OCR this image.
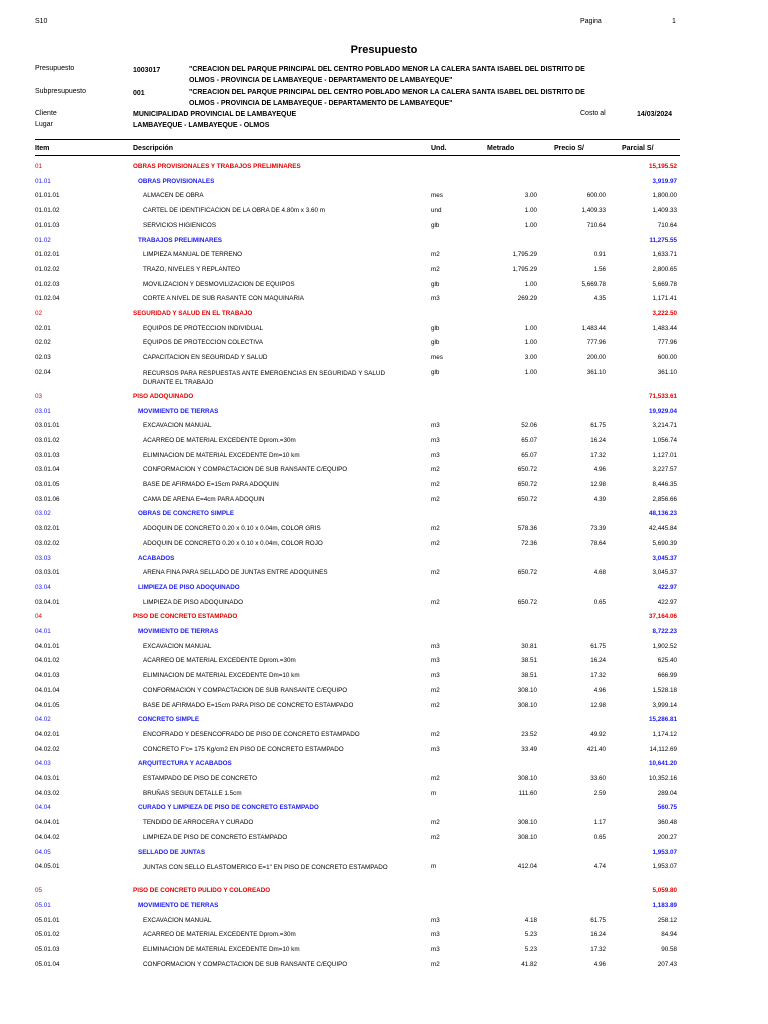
S10	Pagina	1
Presupuesto
Presupuesto	1003017	"CREACION DEL PARQUE PRINCIPAL DEL CENTRO POBLADO MENOR LA CALERA SANTA ISABEL DEL DISTRITO DE
OLMOS - PROVINCIA DE LAMBAYEQUE - DEPARTAMENTO DE LAMBAYEQUE"
Subpresupuesto	001	"CREACION DEL PARQUE PRINCIPAL DEL CENTRO POBLADO MENOR LA CALERA SANTA ISABEL DEL DISTRITO DE
OLMOS - PROVINCIA DE LAMBAYEQUE - DEPARTAMENTO DE LAMBAYEQUE"
Cliente	MUNICIPALIDAD PROVINCIAL DE LAMBAYEQUE	Costo al	14/03/2024
Lugar	LAMBAYEQUE - LAMBAYEQUE - OLMOS
Item	Descripción	Und.	Metrado	Precio S/	Parcial S/
01	OBRAS PROVISIONALES Y TRABAJOS PRELIMINARES	15,195.52
01.01	OBRAS PROVISIONALES	3,919.97
01.01.01	ALMACEN DE OBRA	mes	3.00	600.00	1,800.00
01.01.02	CARTEL DE IDENTIFICACION DE LA OBRA DE 4.80m x 3.60 m	und	1.00	1,409.33	1,409.33
01.01.03	SERVICIOS HIGIENICOS	glb	1.00	710.64	710.64
01.02	TRABAJOS PRELIMINARES	11,275.55
01.02.01	LIMPIEZA MANUAL DE TERRENO	m2	1,795.29	0.91	1,633.71
01.02.02	TRAZO, NIVELES Y REPLANTEO	m2	1,795.29	1.56	2,800.65
01.02.03	MOVILIZACION Y DESMOVILIZACION DE EQUIPOS	glb	1.00	5,669.78	5,669.78
01.02.04	CORTE A NIVEL DE SUB RASANTE CON MAQUINARIA	m3	269.29	4.35	1,171.41
02	SEGURIDAD Y SALUD EN EL TRABAJO	3,222.50
02.01	EQUIPOS DE PROTECCION INDIVIDUAL	glb	1.00	1,483.44	1,483.44
02.02	EQUIPOS DE PROTECCION COLECTIVA	glb	1.00	777.96	777.96
02.03	CAPACITACION EN SEGURIDAD Y SALUD	mes	3.00	200.00	600.00
02.04	RECURSOS PARA RESPUESTAS ANTE EMERGENCIAS EN SEGURIDAD Y SALUD DURANTE EL TRABAJO
glb	1.00	361.10	361.10
03	PISO ADOQUINADO	71,533.61
03.01	MOVIMIENTO DE TIERRAS	19,929.04
03.01.01	EXCAVACION MANUAL	m3	52.06	61.75	3,214.71
03.01.02	ACARREO DE MATERIAL EXCEDENTE Dprom.=30m	m3	65.07	16.24	1,056.74
03.01.03	ELIMINACION DE MATERIAL EXCEDENTE Dm=10 km	m3	65.07	17.32	1,127.01
03.01.04	CONFORMACION Y COMPACTACION DE SUB RANSANTE C/EQUIPO	m2	650.72	4.96	3,227.57
03.01.05	BASE DE AFIRMADO E=15cm PARA ADOQUIN	m2	650.72	12.98	8,446.35
03.01.06	CAMA DE ARENA E=4cm PARA ADOQUIN	m2	650.72	4.39	2,856.66
03.02	OBRAS DE CONCRETO SIMPLE	48,136.23
03.02.01	ADOQUIN DE CONCRETO 0.20 x 0.10 x 0.04m, COLOR GRIS	m2	578.36	73.39	42,445.84
03.02.02	ADOQUIN DE CONCRETO 0.20 x 0.10 x 0.04m, COLOR ROJO	m2	72.36	78.64	5,690.39
03.03	ACABADOS	3,045.37
03.03.01	ARENA FINA PARA SELLADO DE JUNTAS ENTRE ADOQUINES	m2	650.72	4.68	3,045.37
03.04	LIMPIEZA DE PISO ADOQUINADO	422.97
03.04.01	LIMPIEZA DE PISO ADOQUINADO	m2	650.72	0.65	422.97
04	PISO DE CONCRETO ESTAMPADO	37,164.06
04.01	MOVIMIENTO DE TIERRAS	8,722.23
04.01.01	EXCAVACION MANUAL	m3	30.81	61.75	1,902.52
04.01.02	ACARREO DE MATERIAL EXCEDENTE Dprom.=30m	m3	38.51	16.24	625.40
04.01.03	ELIMINACION DE MATERIAL EXCEDENTE Dm=10 km	m3	38.51	17.32	666.99
04.01.04	CONFORMACION Y COMPACTACION DE SUB RANSANTE C/EQUIPO	m2	308.10	4.96	1,528.18
04.01.05	BASE DE AFIRMADO E=15cm PARA PISO DE CONCRETO ESTAMPADO	m2	308.10	12.98	3,999.14
04.02	CONCRETO SIMPLE	15,286.81
04.02.01	ENCOFRADO Y DESENCOFRADO DE PISO DE CONCRETO ESTAMPADO	m2	23.52	49.92	1,174.12
04.02.02	CONCRETO F'c= 175 Kg/cm2 EN PISO DE CONCRETO ESTAMPADO	m3	33.49	421.40	14,112.69
04.03	ARQUITECTURA Y ACABADOS	10,641.20
04.03.01	ESTAMPADO DE PISO DE CONCRETO	m2	308.10	33.60	10,352.16
04.03.02	BRUÑAS SEGUN DETALLE 1.5cm	m	111.60	2.59	289.04
04.04	CURADO Y LIMPIEZA DE PISO DE CONCRETO ESTAMPADO	560.75
04.04.01	TENDIDO DE ARROCERA Y CURADO	m2	308.10	1.17	360.48
04.04.02	LIMPIEZA DE PISO DE CONCRETO ESTAMPADO	m2	308.10	0.65	200.27
04.05	SELLADO DE JUNTAS	1,953.07
04.05.01	JUNTAS CON SELLO ELASTOMERICO E=1" EN PISO DE CONCRETO ESTAMPADO	m	412.04	4.74	1,953.07
05	PISO DE CONCRETO PULIDO Y COLOREADO	5,059.80
05.01	MOVIMIENTO DE TIERRAS	1,183.89
05.01.01	EXCAVACION MANUAL	m3	4.18	61.75	258.12
05.01.02	ACARREO DE MATERIAL EXCEDENTE Dprom.=30m	m3	5.23	16.24	84.94
05.01.03	ELIMINACION DE MATERIAL EXCEDENTE Dm=10 km	m3	5.23	17.32	90.58
05.01.04	CONFORMACION Y COMPACTACION DE SUB RANSANTE C/EQUIPO	m2	41.82	4.96	207.43
